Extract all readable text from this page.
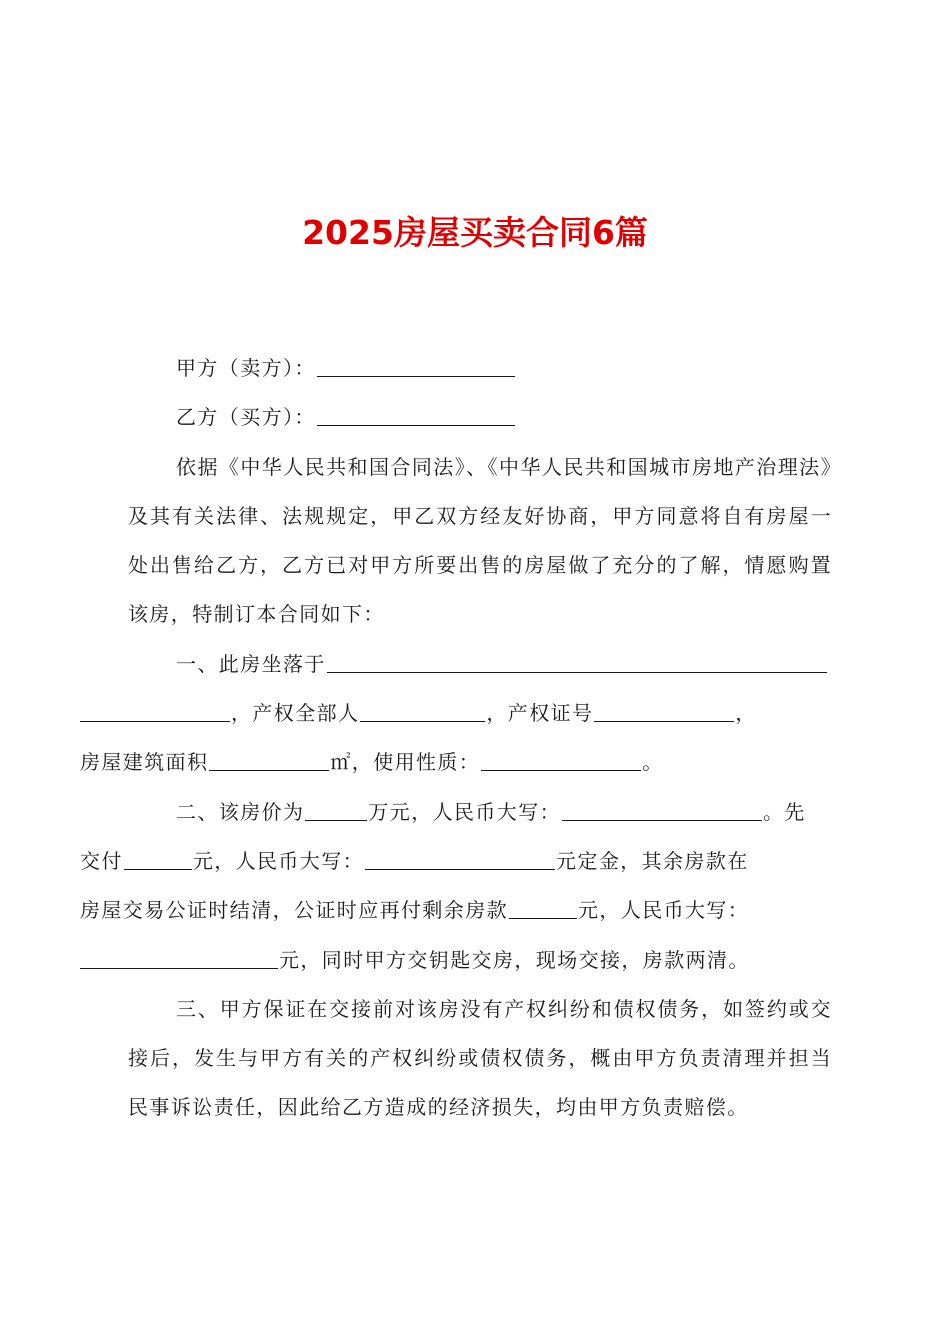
2025房屋买卖合同6篇

甲方（卖方）：

乙方（买方）：

依据《中华人民共和国合同法》、《中华人民共和国城市房地产治理法》及其有关法律、法规规定，甲乙双方经友好协商，甲方同意将自有房屋一处出售给乙方，乙方已对甲方所要出售的房屋做了充分的了解，情愿购置该房，特制订本合同如下：

一、此房坐落于
，产权全部人	，产权证号	，
房屋建筑面积	㎡，使用性质：	。

二、该房价为	万元，人民币大写：	。先
交付	元，人民币大写：	元定金，其余房款在
房屋交易公证时结清，公证时应再付剩余房款	元，人民币大写：
元，同时甲方交钥匙交房，现场交接，房款两清。

三、甲方保证在交接前对该房没有产权纠纷和债权债务，如签约或交接后，发生与甲方有关的产权纠纷或债权债务，概由甲方负责清理并担当民事诉讼责任，因此给乙方造成的经济损失，均由甲方负责赔偿。
